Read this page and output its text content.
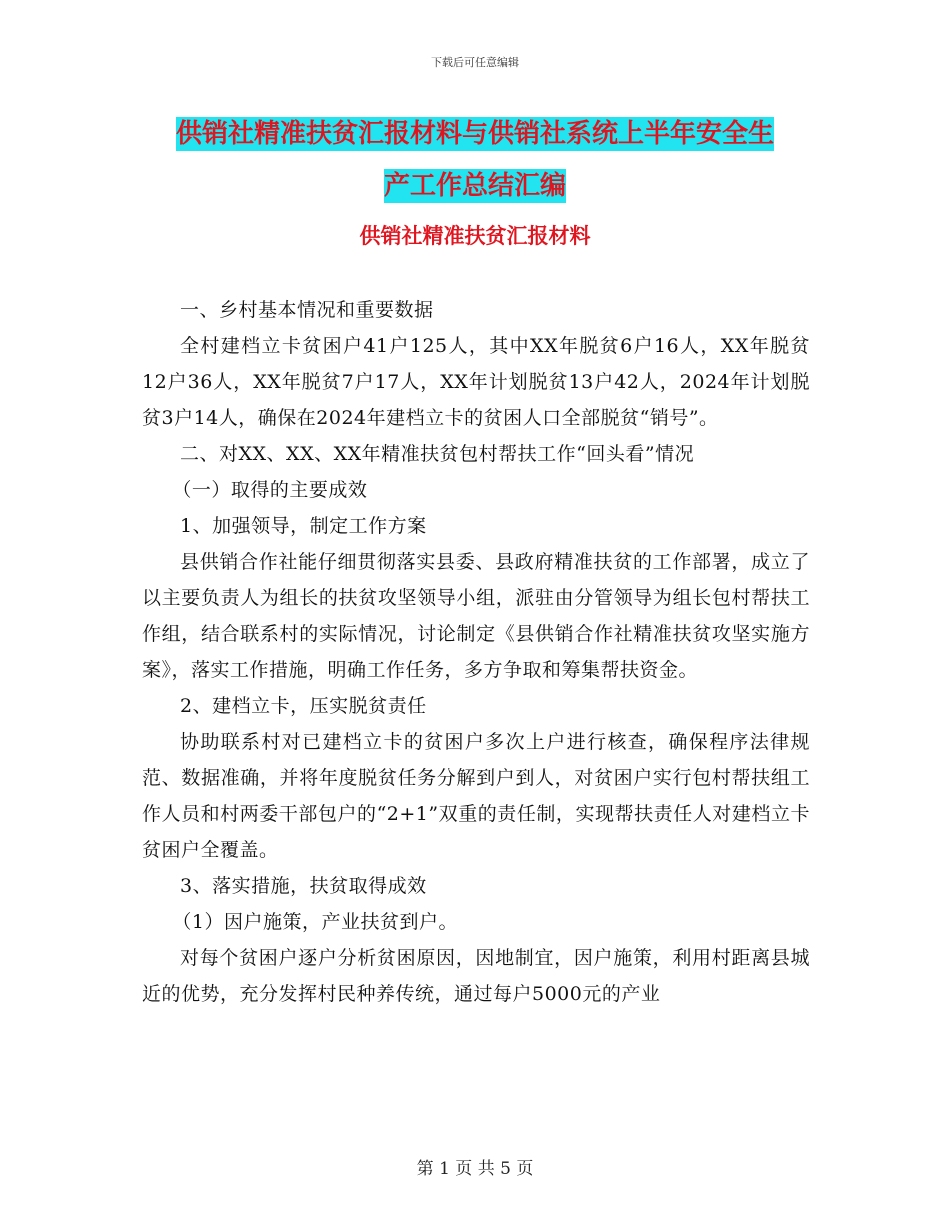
下载后可任意编辑
供销社精准扶贫汇报材料与供销社系统上半年安全生
产工作总结汇编
供销社精准扶贫汇报材料

一、乡村基本情况和重要数据

全村建档立卡贫困户41户125人，其中XX年脱贫6户16人，XX年脱贫12户36人，XX年脱贫7户17人，XX年计划脱贫13户42人，2024年计划脱贫3户14人，确保在2024年建档立卡的贫困人口全部脱贫“销号”。

二、对XX、XX、XX年精准扶贫包村帮扶工作“回头看”情况

（一）取得的主要成效

1、加强领导，制定工作方案

县供销合作社能仔细贯彻落实县委、县政府精准扶贫的工作部署，成立了以主要负责人为组长的扶贫攻坚领导小组，派驻由分管领导为组长包村帮扶工作组，结合联系村的实际情况，讨论制定《县供销合作社精准扶贫攻坚实施方案》，落实工作措施，明确工作任务，多方争取和筹集帮扶资金。

2、建档立卡，压实脱贫责任

协助联系村对已建档立卡的贫困户多次上户进行核查，确保程序法律规范、数据准确，并将年度脱贫任务分解到户到人，对贫困户实行包村帮扶组工作人员和村两委干部包户的“2+1”双重的责任制，实现帮扶责任人对建档立卡贫困户全覆盖。

3、落实措施，扶贫取得成效

（1）因户施策，产业扶贫到户。

对每个贫困户逐户分析贫困原因，因地制宜，因户施策，利用村距离县城近的优势，充分发挥村民种养传统，通过每户5000元的产业

第 1 页 共 5 页
